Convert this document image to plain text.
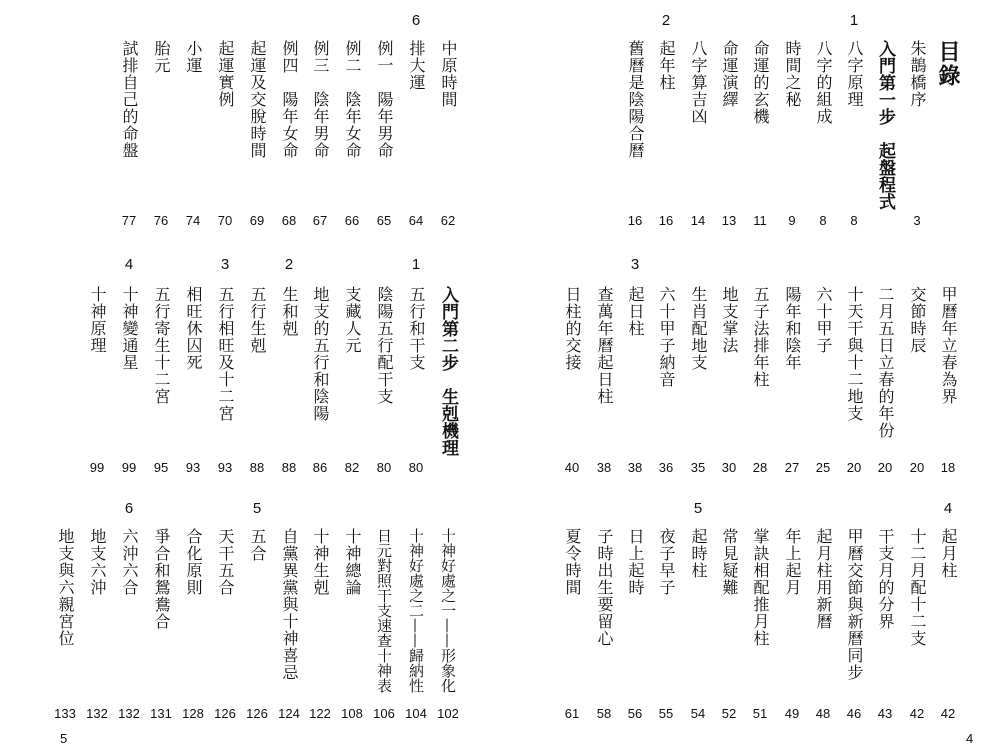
中原時間
62
6
排大運
64
例一　陽年男命
65
例二　陰年女命
66
例三　陰年男命
67
例四　陽年女命
68
起運及交脫時間
69
起運實例
70
小運
74
胎元
76
試排自己的命盤
77
入門第二步　生剋機理
1
五行和干支
80
陰陽五行配干支
80
支藏人元
82
地支的五行和陰陽
86
2
生和剋
88
五行生剋
88
3
五行相旺及十二宮
93
相旺休囚死
93
五行寄生十二宮
95
4
十神變通星
99
十神原理
99
十神好處之一——形象化
102
十神好處之二——歸納性
104
日元對照干支速查十神表
106
十神總論
108
十神生剋
122
自黨異黨與十神喜忌
124
5
五合
126
天干五合
126
合化原則
128
爭合和鴛鴦合
131
6
六沖六合
132
地支六沖
132
地支與六親宮位
133
目錄
朱鵲橋序
3
入門第一步　起盤程式
1
八字原理
8
八字的組成
8
時間之秘
9
命運的玄機
11
命運演繹
13
八字算吉凶
14
2
起年柱
16
舊曆是陰陽合曆
16
甲曆年立春為界
18
交節時辰
20
二月五日立春的年份
20
十天干與十二地支
20
六十甲子
25
陽年和陰年
27
五子法排年柱
28
地支掌法
30
生肖配地支
35
六十甲子納音
36
3
起日柱
38
查萬年曆起日柱
38
日柱的交接
40
4
起月柱
42
十二月配十二支
42
干支月的分界
43
甲曆交節與新曆同步
46
起月柱用新曆
48
年上起月
49
掌訣相配推月柱
51
常見疑難
52
5
起時柱
54
夜子早子
55
日上起時
56
子時出生要留心
58
夏令時間
61
5	4
